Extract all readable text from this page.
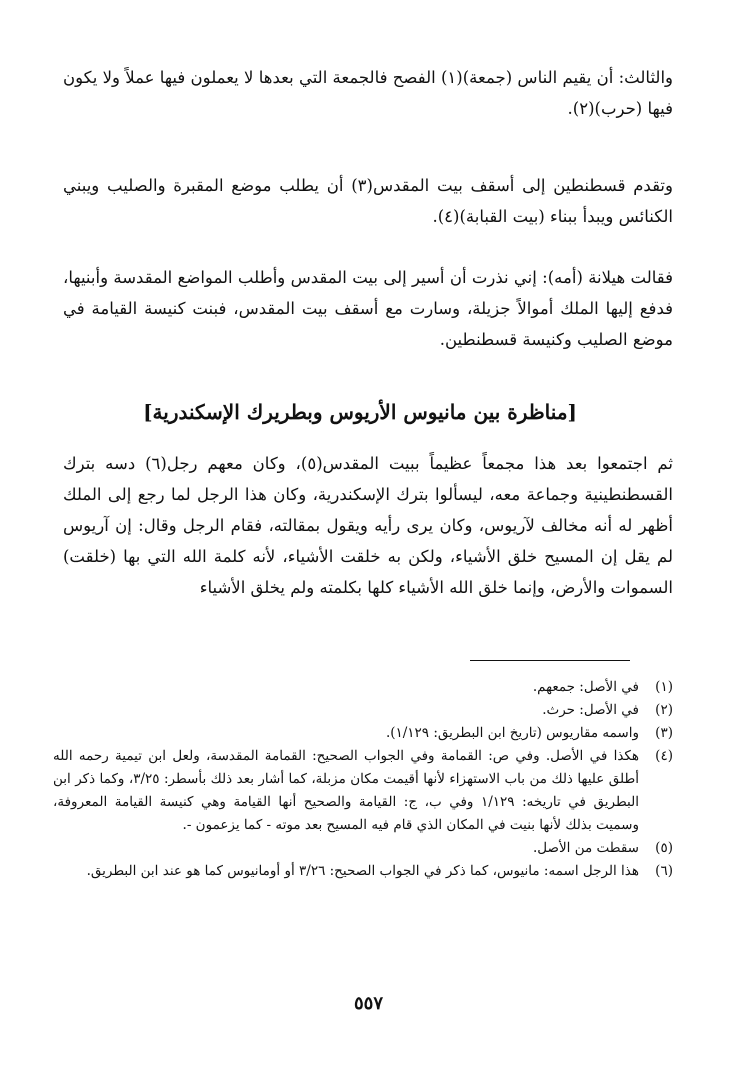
والثالث: أن يقيم الناس (جمعة)(١) الفصح فالجمعة التي بعدها لا يعملون فيها عملاً ولا يكون فيها (حرب)(٢).

وتقدم قسطنطين إلى أسقف بيت المقدس(٣) أن يطلب موضع المقبرة والصليب ويبني الكنائس ويبدأ ببناء (بيت القبابة)(٤).

فقالت هيلانة (أمه): إني نذرت أن أسير إلى بيت المقدس وأطلب المواضع المقدسة وأبنيها، فدفع إليها الملك أموالاً جزيلة، وسارت مع أسقف بيت المقدس، فبنت كنيسة القيامة في موضع الصليب وكنيسة قسطنطين.

[مناظرة بين مانيوس الأريوس وبطريرك الإسكندرية]

ثم اجتمعوا بعد هذا مجمعاً عظيماً ببيت المقدس(٥)، وكان معهم رجل(٦) دسه بترك القسطنطينية وجماعة معه، ليسألوا بترك الإسكندرية، وكان هذا الرجل لما رجع إلى الملك أظهر له أنه مخالف لآريوس، وكان يرى رأيه ويقول بمقالته، فقام الرجل وقال: إن آريوس لم يقل إن المسيح خلق الأشياء، ولكن به خلقت الأشياء، لأنه كلمة الله التي بها (خلقت) السموات والأرض، وإنما خلق الله الأشياء كلها بكلمته ولم يخلق الأشياء

(١)
في الأصل: جمعهم.
(٢)
في الأصل: حرث.
(٣)
واسمه مقاريوس (تاريخ ابن البطريق: ١/١٢٩).
(٤)
هكذا في الأصل. وفي ص: القمامة وفي الجواب الصحيح: القمامة المقدسة، ولعل ابن تيمية رحمه الله أطلق عليها ذلك من باب الاستهزاء لأنها أقيمت مكان مزبلة، كما أشار بعد ذلك بأسطر: ٣/٢٥، وكما ذكر ابن البطريق في تاريخه: ١/١٢٩ وفي ب، ج: القيامة والصحيح أنها القيامة وهي كنيسة القيامة المعروفة، وسميت بذلك لأنها بنيت في المكان الذي قام فيه المسيح بعد موته - كما يزعمون -.
(٥)
سقطت من الأصل.
(٦)
هذا الرجل اسمه: مانيوس، كما ذكر في الجواب الصحيح: ٣/٢٦ أو أومانيوس كما هو عند ابن البطريق.
٥٥٧
